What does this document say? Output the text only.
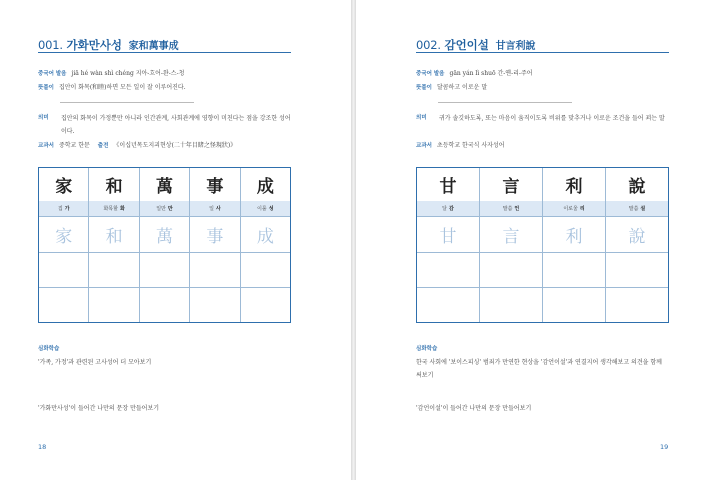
001. 가화만사성 家和萬事成
중국어 발음 jiā hé wàn shì chéng 지아-흐어-완-스-청
뜻풀이 집안이 화목(和睦)하면 모든 일이 잘 이루어진다.
의미 집안의 화목이 가정뿐만 아니라 인간관계, 사회관계에 영향이 미친다는 점을 강조한 성어이다.
교과서 중학교 한문 출전 《이십년목도지괴현상(二十年目睹之怪現狀)》
家	和	萬	事	成
집 가	화목할 화	일만 만	일 사	이룰 성
家	和	萬	事	成
심화학습
'가족, 가정'과 관련된 고사성어 더 모아보기
'가화만사성'이 들어간 나만의 문장 만들어보기
18
002. 감언이설 甘言利說
중국어 발음 gān yán lì shuō 간-옌-리-주어
뜻풀이 달콤하고 이로운 말
의미 귀가 솔깃하도록, 또는 마음이 움직이도록 비위를 맞추거나 이로운 조건을 들어 꾀는 말
교과서 초등학교 한국식 사자성어
甘	言	利	說
달 감	말씀 언	이로울 리	말씀 설
甘	言	利	說
심화학습
한국 사회에 '보이스피싱' 범죄가 만연한 현상을 '감언이설'과 연결지어 생각해보고 의견을 함께 써보기
'감언이설'이 들어간 나만의 문장 만들어보기
19
